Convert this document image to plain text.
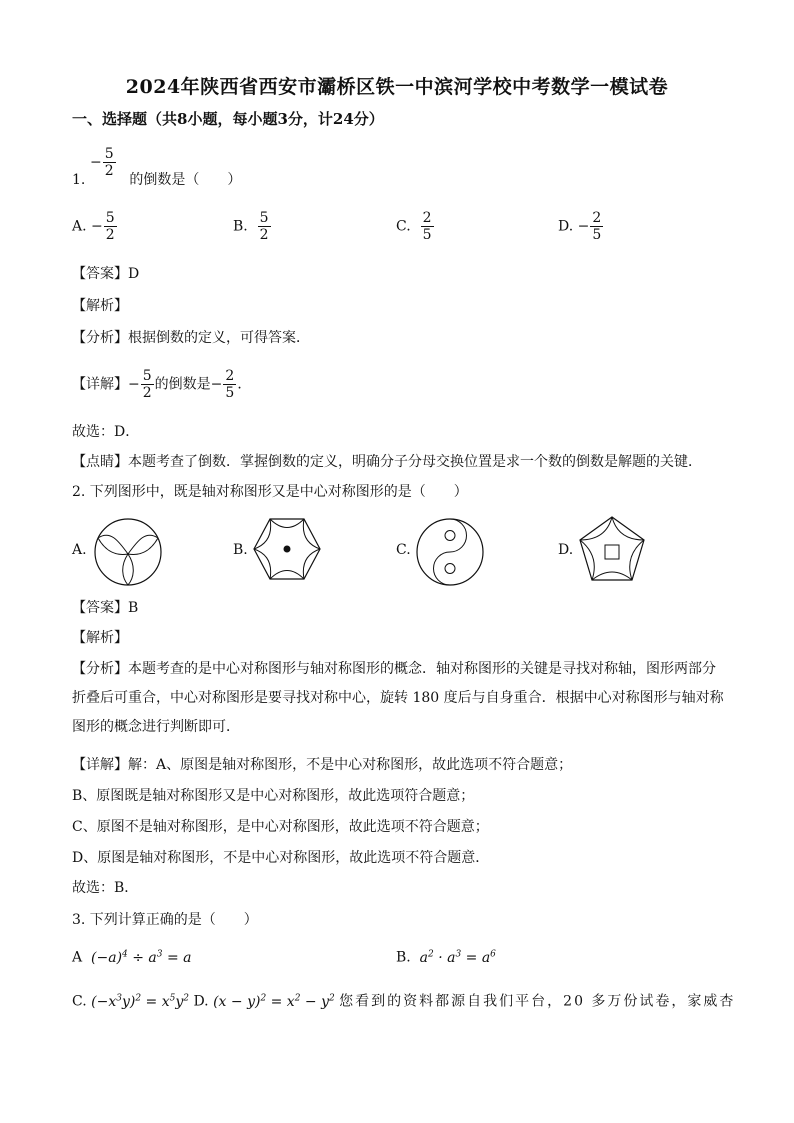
2024年陕西省西安市灞桥区铁一中滨河学校中考数学一模试卷
一、选择题（共8小题，每小题3分，计24分）
− $\frac{5}{2}$
1.	的倒数是（　　）
A. − $\frac{5}{2}$	B. $\frac{5}{2}$	C. $\frac{2}{5}$	D. − $\frac{2}{5}$
【答案】D
【解析】
【分析】根据倒数的定义，可得答案．
【详解】− $\frac{5}{2}$ 的倒数是− $\frac{2}{5}$ ．
故选：D．
【点睛】本题考查了倒数．掌握倒数的定义，明确分子分母交换位置是求一个数的倒数是解题的关键．
2. 下列图形中，既是轴对称图形又是中心对称图形的是（　　）
A.	B.	C.	D.
【答案】B
【解析】
【分析】本题考查的是中心对称图形与轴对称图形的概念．轴对称图形的关键是寻找对称轴，图形两部分折叠后可重合，中心对称图形是要寻找对称中心，旋转 180 度后与自身重合．根据中心对称图形与轴对称图形的概念进行判断即可．
【详解】解：A、原图是轴对称图形，不是中心对称图形，故此选项不符合题意；
B、原图既是轴对称图形又是中心对称图形，故此选项符合题意；
C、原图不是轴对称图形，是中心对称图形，故此选项不符合题意；
D、原图是轴对称图形，不是中心对称图形，故此选项不符合题意．
故选：B．
3. 下列计算正确的是（　　）
A $(-a)^4 \div a^3 = a$	B. $a^2 \cdot a^3 = a^6$
C. $(-x^3y)^2 = x^5y^2$ D. $(x - y)^2 = x^2 - y^2$ 您看到的资料都源自我们平台，20 多万份试卷，家威杏
